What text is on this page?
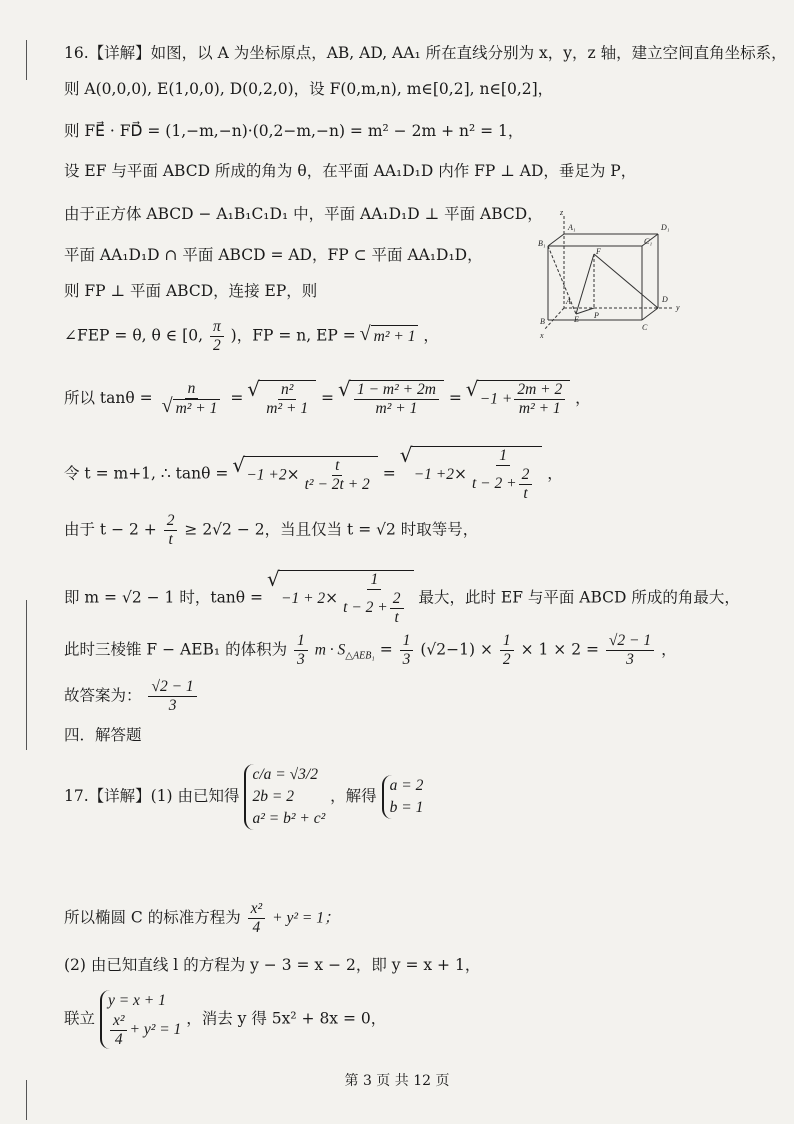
16.【详解】如图，以 A 为坐标原点，AB, AD, AA₁ 所在直线分别为 x，y，z 轴，建立空间直角坐标系，
则 A(0,0,0), E(1,0,0), D(0,2,0)，设 F(0,m,n), m∈[0,2], n∈[0,2]，
则 FE⃗ · FD⃗ = (1,−m,−n)·(0,2−m,−n) = m² − 2m + n² = 1，
设 EF 与平面 ABCD 所成的角为 θ，在平面 AA₁D₁D 内作 FP ⊥ AD，垂足为 P，
由于正方体 ABCD − A₁B₁C₁D₁ 中，平面 AA₁D₁D ⊥ 平面 ABCD，
平面 AA₁D₁D ∩ 平面 ABCD = AD，FP ⊂ 平面 AA₁D₁D，
则 FP ⊥ 平面 ABCD，连接 EP，则
∠FEP = θ, θ ∈ [0, $\frac{\pi}{2}$ )，FP = n, EP = √ m² + 1 ，
所以 tanθ = n
√ m² + 1 = √ $\frac{\text{n²}}{\text{m² + 1}}$ = √ $\frac{\text{1 − m² + 2m}}{\text{m² + 1}}$ = √ $-1 + \frac{2m + 2}{\text{m² + 1}}$ ，
令 t = m+1, ∴ tanθ = √ $-1 +2\times \frac{t}{\text{t² − 2t + 2}}$ = √ $-1 +2\times \frac{1}{t - 2 + \frac{2}{t}}$ ，
由于 $t - 2 + \frac{2}{t} \ge 2√2 - 2$，当且仅当 t = √2 时取等号，
即 m = √2 − 1 时，tanθ = √ $-1 + 2\times \frac{1}{t - 2 + \frac{2}{t}}$ 最大，此时 EF 与平面 ABCD 所成的角最大，
此时三棱锥 F − AEB₁ 的体积为 $\frac{1}{3}$ $m \cdot S_{\triangle AEB_1} = \frac{1}{3} (√2-1) \times \frac{1}{2} \times 1 \times 2 = \frac{√2 - 1}{3}$ ，
故答案为： $\frac{√2 - 1}{3}$
四．解答题
17.【详解】(1) 由已知得
c/a = √3/2
2b = 2
a² = b² + c²
，解得
a = 2
b = 1
所以椭圆 C 的标准方程为 $\frac{\text{x²}}{4} + y^2 = 1$；
(2) 由已知直线 l 的方程为 y − 3 = x − 2，即 y = x + 1，
联立
y = x + 1
$\frac{\text{x²}}{4} + y^2 = 1$
，消去 y 得 5x² + 8x = 0，
z
A₁	D₁
B₁
F
C₁
A
P
D
y
B	E
C
x
第 3 页 共 12 页
